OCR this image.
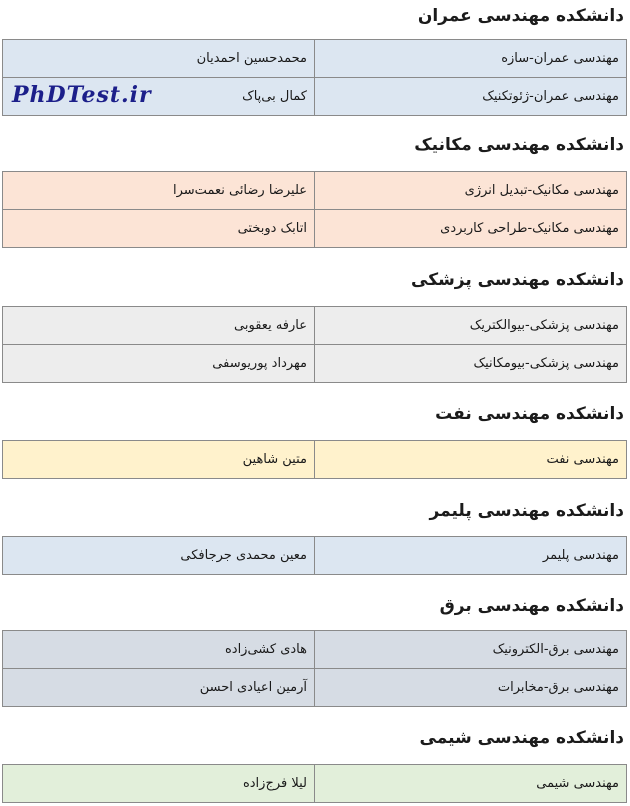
دانشکده مهندسی عمران
مهندسی عمران-سازه	محمدحسین احمدیان
مهندسی عمران-ژئوتکنیک	کمال بی‌پاک
PhDTest.ir
دانشکده مهندسی مکانیک
مهندسی مکانیک-تبدیل انرژی	علیرضا رضائی نعمت‌سرا
مهندسی مکانیک-طراحی کاربردی	اتابک دوبختی
دانشکده مهندسی پزشکی
مهندسی پزشکی-بیوالکتریک	عارفه یعقوبی
مهندسی پزشکی-بیومکانیک	مهرداد پوریوسفی
دانشکده مهندسی نفت
مهندسی نفت	متین شاهین
دانشکده مهندسی پلیمر
مهندسی پلیمر	معین محمدی جرجافکی
دانشکده مهندسی برق
مهندسی برق-الکترونیک	هادی کشی‌زاده
مهندسی برق-مخابرات	آرمین اعیادی احسن
دانشکده مهندسی شیمی
مهندسی شیمی	لیلا فرج‌زاده
